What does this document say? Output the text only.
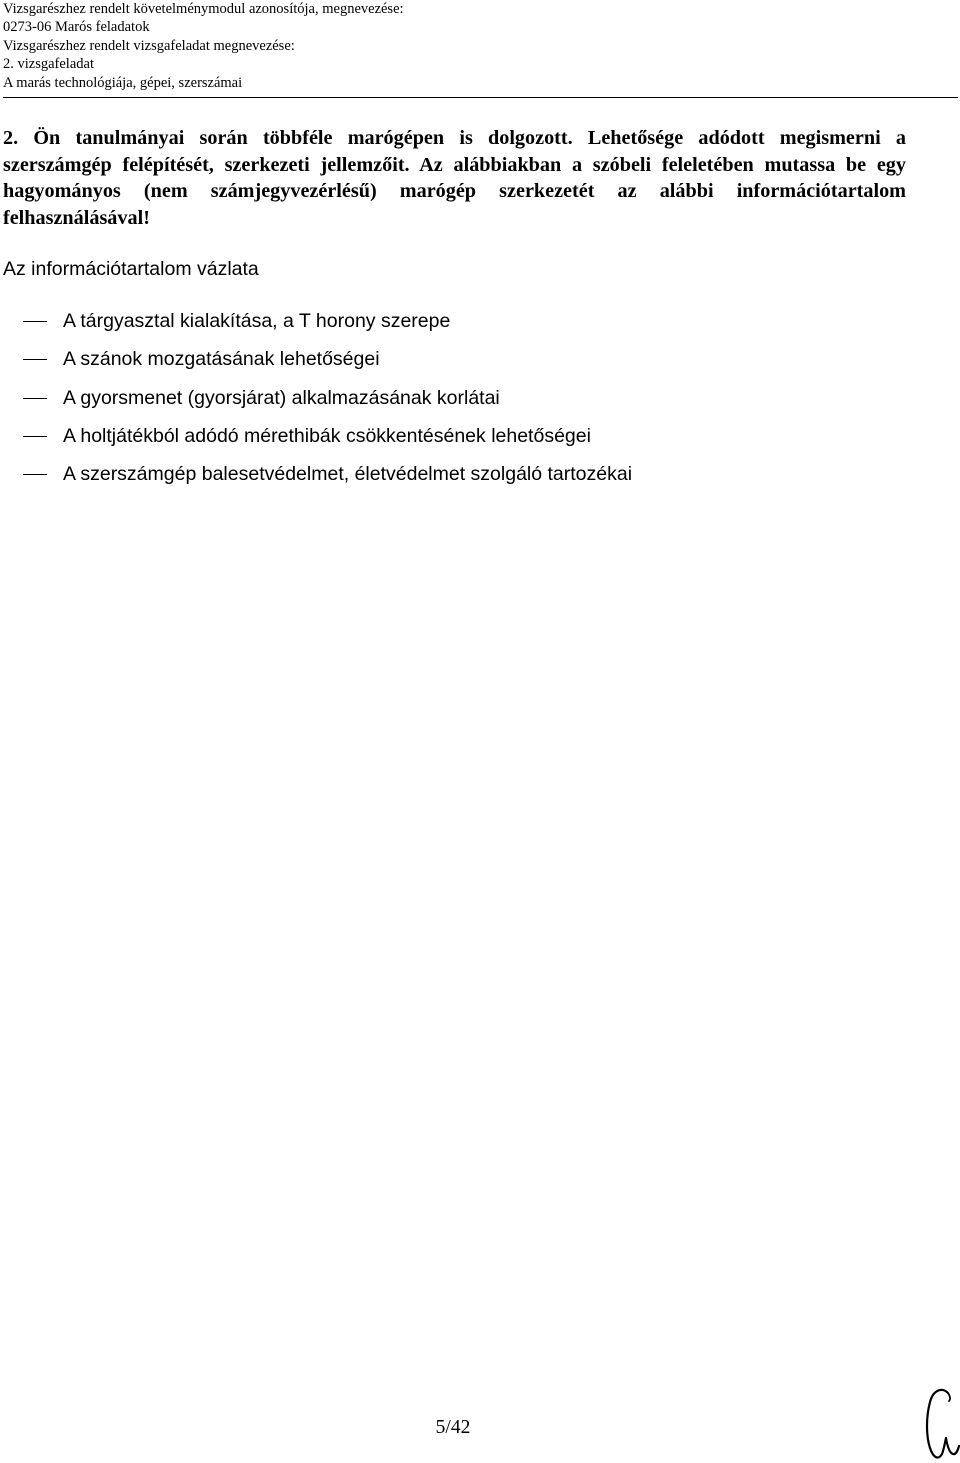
Vizsgarészhez rendelt követelménymodul azonosítója, megnevezése:
0273-06 Marós feladatok
Vizsgarészhez rendelt vizsgafeladat megnevezése:
2. vizsgafeladat
A marás technológiája, gépei, szerszámai
2. Ön tanulmányai során többféle marógépen is dolgozott. Lehetősége adódott megismerni a szerszámgép felépítését, szerkezeti jellemzőit. Az alábbiakban a szóbeli feleletében mutassa be egy hagyományos (nem számjegyvezérlésű) marógép szerkezetét az alábbi információtartalom felhasználásával!
Az információtartalom vázlata
A tárgyasztal kialakítása, a T horony szerepe
A szánok mozgatásának lehetőségei
A gyorsmenet (gyorsjárat) alkalmazásának korlátai
A holtjátékból adódó mérethibák csökkentésének lehetőségei
A szerszámgép balesetvédelmet, életvédelmet szolgáló tartozékai
5/42
